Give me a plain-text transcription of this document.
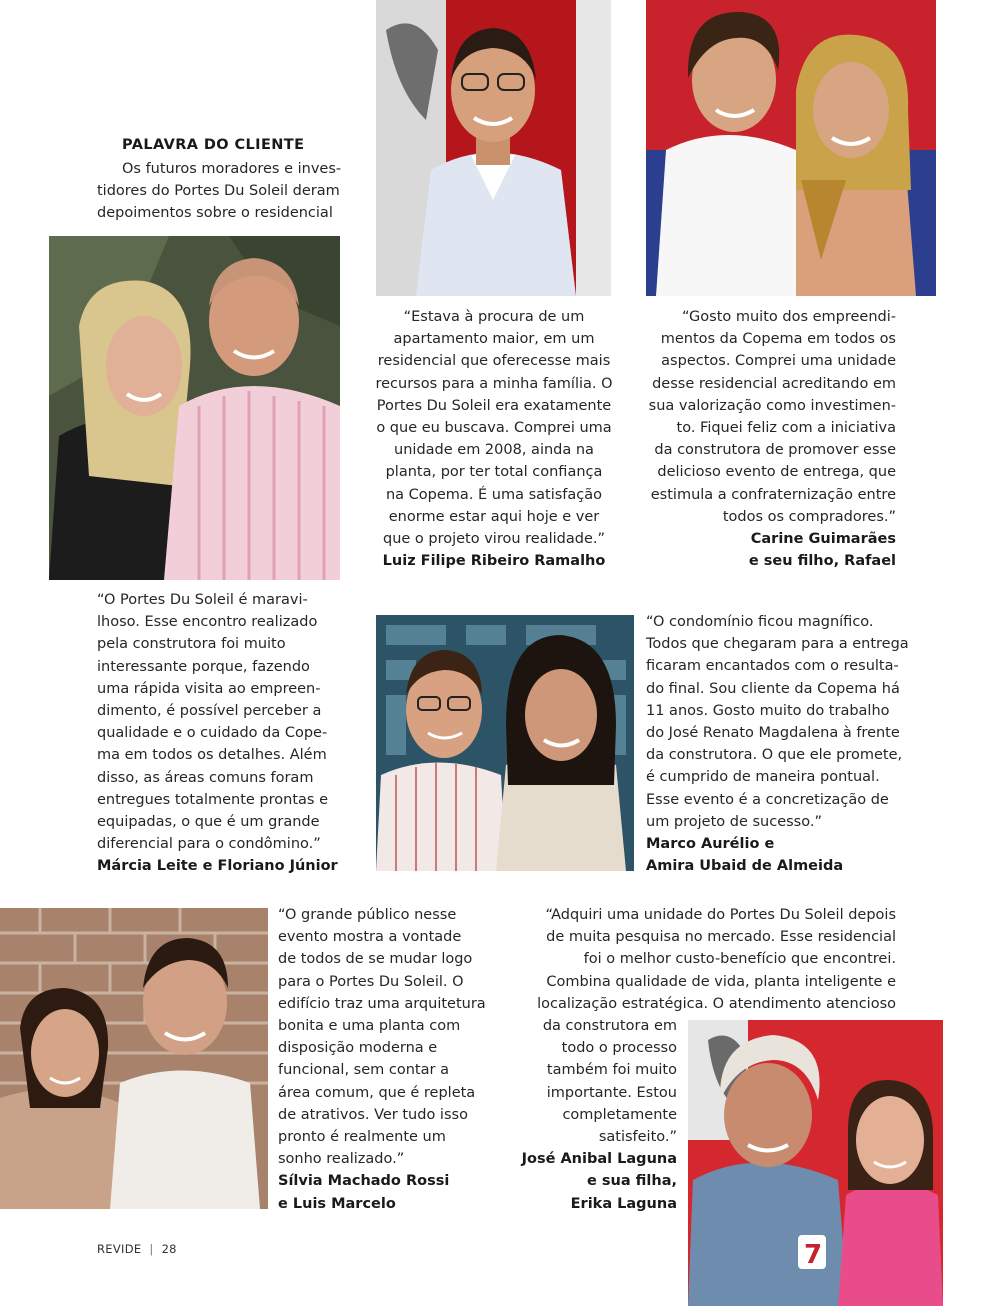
7
PALAVRA DO CLIENTE
Os futuros moradores e inves-
tidores do Portes Du Soleil deram
depoimentos sobre o residencial
“Estava à procura de um
apartamento maior, em um
residencial que oferecesse mais
recursos para a minha família. O
Portes Du Soleil era exatamente
o que eu buscava. Comprei uma
unidade em 2008, ainda na
planta, por ter total confiança
na Copema. É uma satisfação
enorme estar aqui hoje e ver
que o projeto virou realidade.”
Luiz Filipe Ribeiro Ramalho
“Gosto muito dos empreendi-
mentos da Copema em todos os
aspectos. Comprei uma unidade
desse residencial acreditando em
sua valorização como investimen-
to. Fiquei feliz com a iniciativa
da construtora de promover esse
delicioso evento de entrega, que
estimula a confraternização entre
todos os compradores.”
Carine Guimarães
e seu filho, Rafael
“O Portes Du Soleil é maravi-
lhoso. Esse encontro realizado
pela construtora foi muito
interessante porque, fazendo
uma rápida visita ao empreen-
dimento, é possível perceber a
qualidade e o cuidado da Cope-
ma em todos os detalhes. Além
disso, as áreas comuns foram
entregues totalmente prontas e
equipadas, o que é um grande
diferencial para o condômino.”
Márcia Leite e Floriano Júnior
“O condomínio ficou magnífico.
Todos que chegaram para a entrega
ficaram encantados com o resulta-
do final. Sou cliente da Copema há
11 anos. Gosto muito do trabalho
do José Renato Magdalena à frente
da construtora. O que ele promete,
é cumprido de maneira pontual.
Esse evento é a concretização de
um projeto de sucesso.”
Marco Aurélio e
Amira Ubaid de Almeida
“O grande público nesse
evento mostra a vontade
de todos de se mudar logo
para o Portes Du Soleil. O
edifício traz uma arquitetura
bonita e uma planta com
disposição moderna e
funcional, sem contar a
área comum, que é repleta
de atrativos. Ver tudo isso
pronto é realmente um
sonho realizado.”
Sílvia Machado Rossi
e Luis Marcelo
“Adquiri uma unidade do Portes Du Soleil depois
de muita pesquisa no mercado. Esse residencial
foi o melhor custo-benefício que encontrei.
Combina qualidade de vida, planta inteligente e
localização estratégica. O atendimento atencioso
da construtora em
todo o processo
também foi muito
importante. Estou
completamente
satisfeito.”
José Anibal Laguna
e sua filha,
Erika Laguna
REVIDE | 28
